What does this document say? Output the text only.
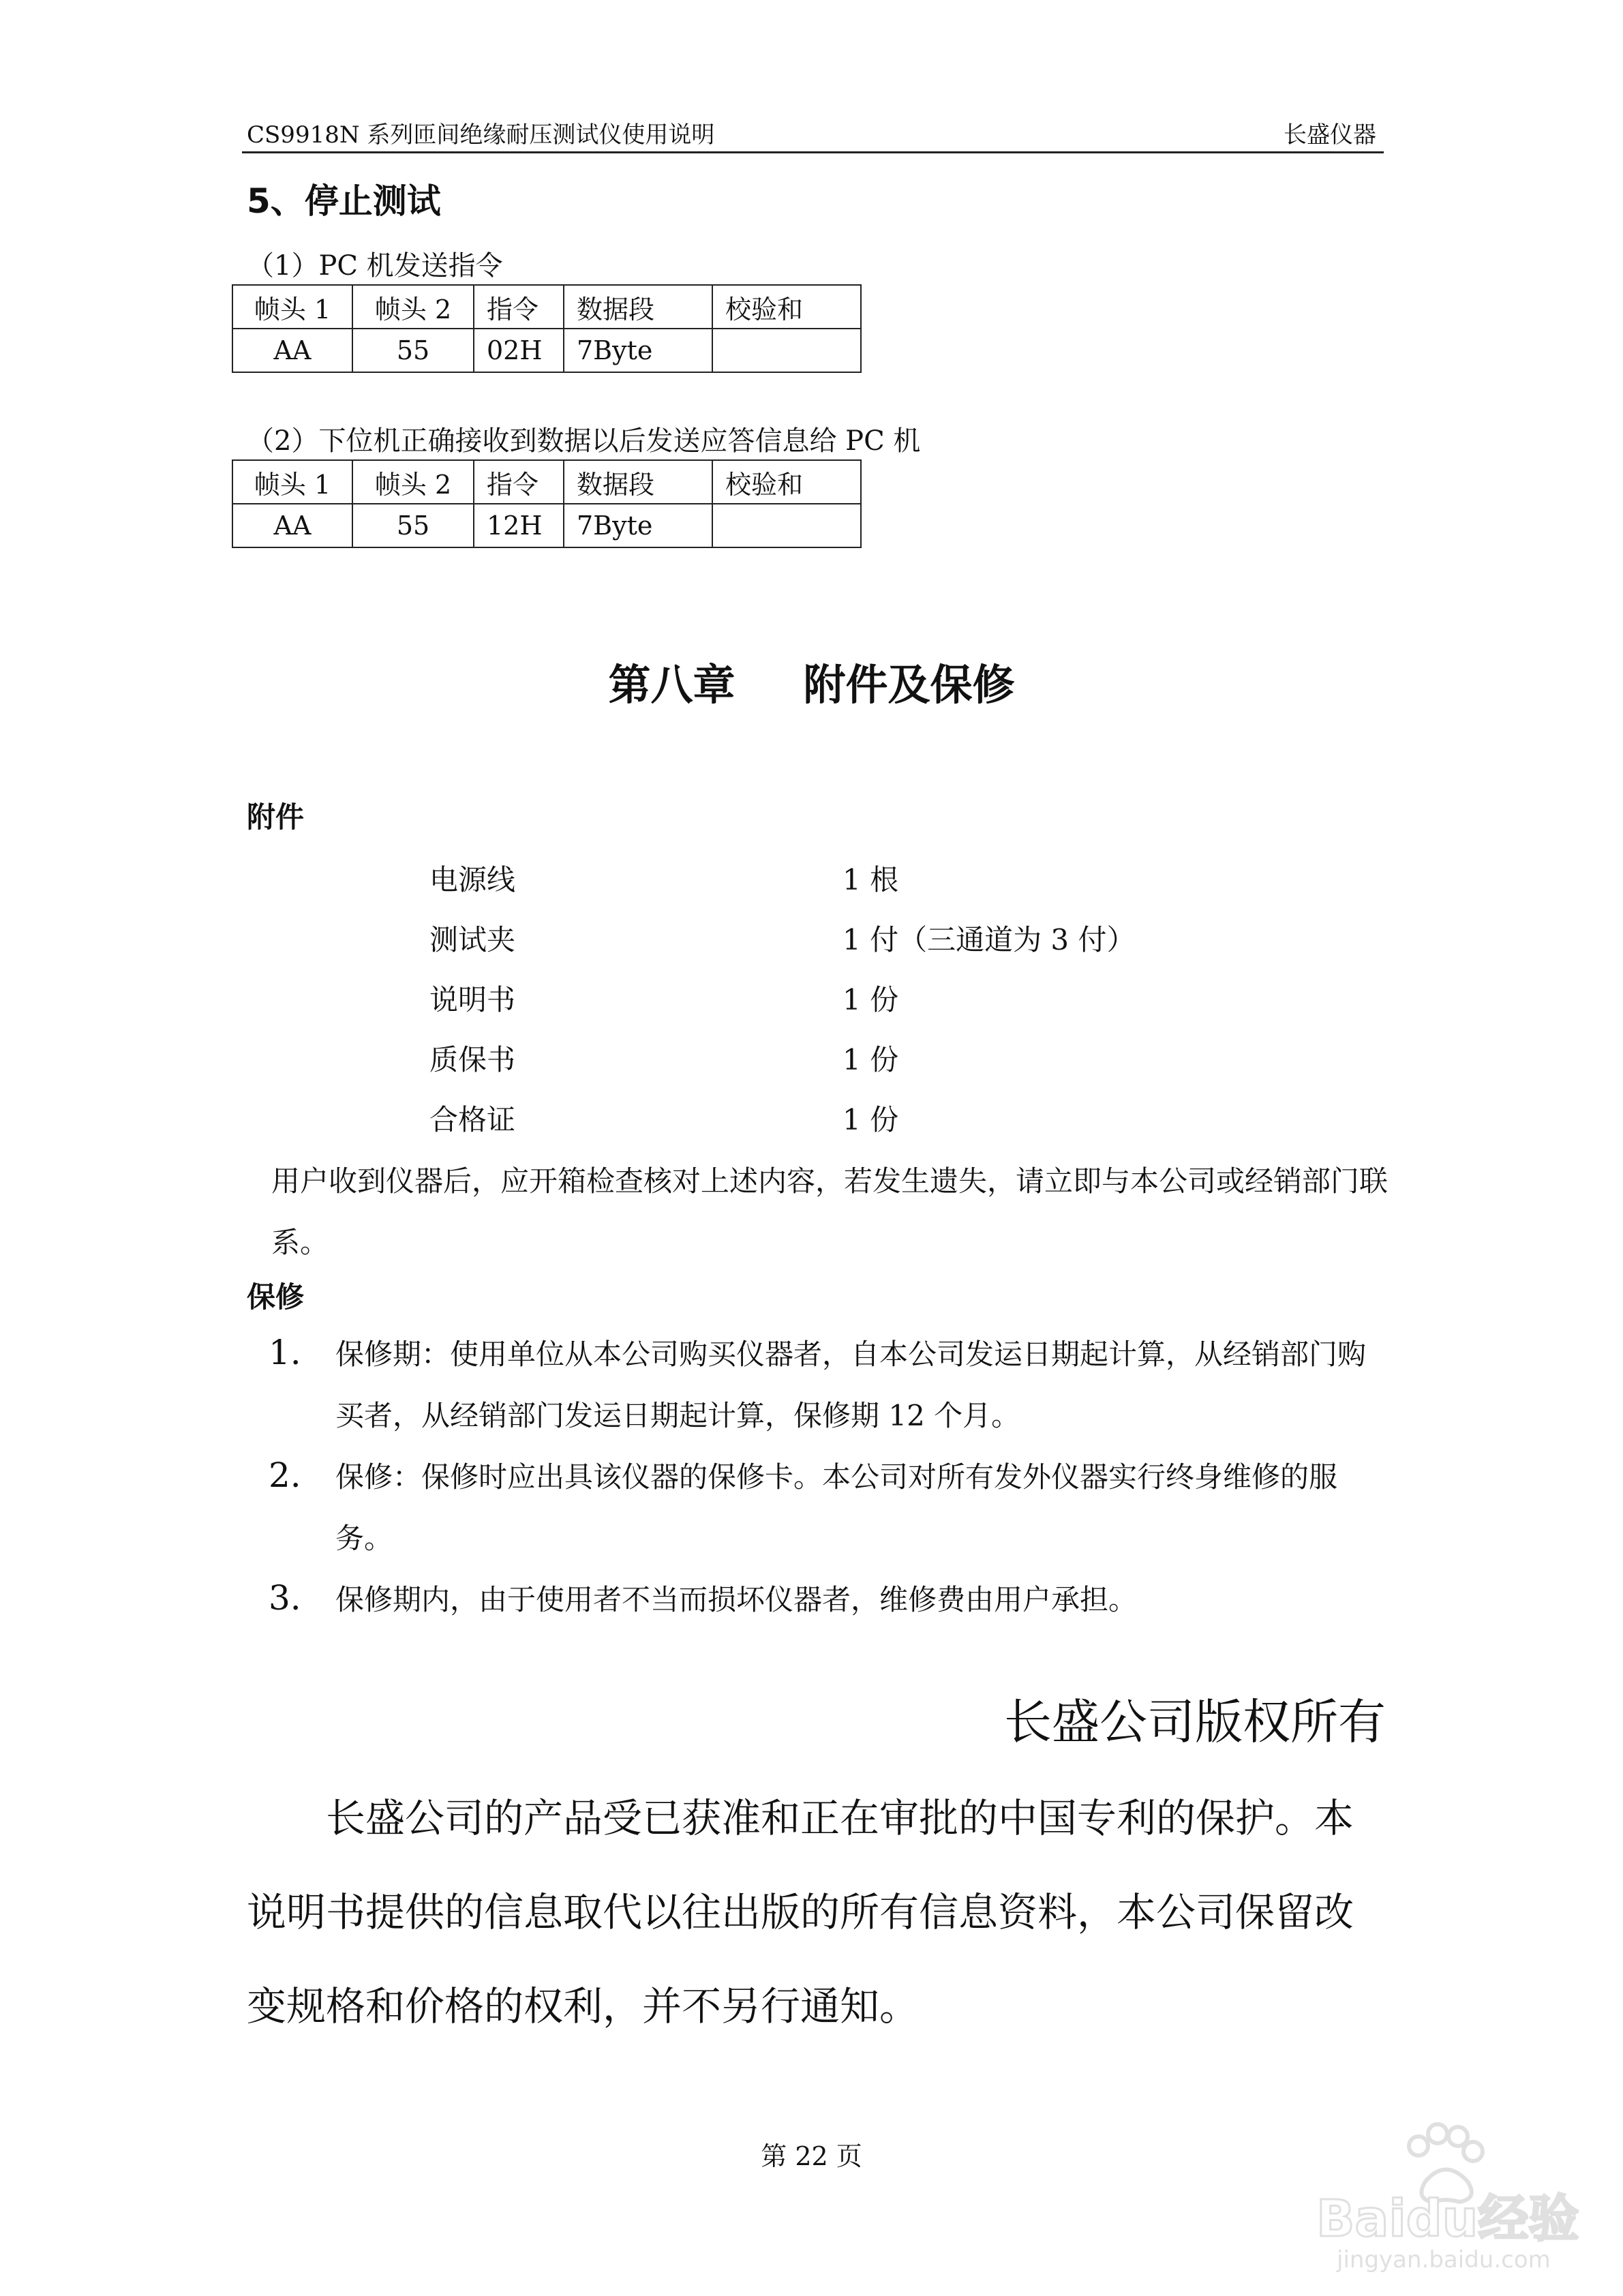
CS9918N 系列匝间绝缘耐压测试仪使用说明	长盛仪器
5、停止测试
（1）PC 机发送指令
帧头 1	帧头 2	指令	数据段	校验和
AA	55	02H	7Byte	
（2）下位机正确接收到数据以后发送应答信息给 PC 机
帧头 1	帧头 2	指令	数据段	校验和
AA	55	12H	7Byte	
第八章 附件及保修
附件
电源线	1 根
测试夹	1 付（三通道为 3 付）
说明书	1 份
质保书	1 份
合格证	1 份
用户收到仪器后，应开箱检查核对上述内容，若发生遗失，请立即与本公司或经销部门联系。
保修
1. 保修期：使用单位从本公司购买仪器者，自本公司发运日期起计算，从经销部门购买者，从经销部门发运日期起计算，保修期 12 个月。
2. 保修：保修时应出具该仪器的保修卡。本公司对所有发外仪器实行终身维修的服务。
3. 保修期内，由于使用者不当而损坏仪器者，维修费由用户承担。
长盛公司版权所有
长盛公司的产品受已获准和正在审批的中国专利的保护。本说明书提供的信息取代以往出版的所有信息资料，本公司保留改变规格和价格的权利，并不另行通知。
第 22 页
Baidu经验
jingyan.baidu.com
